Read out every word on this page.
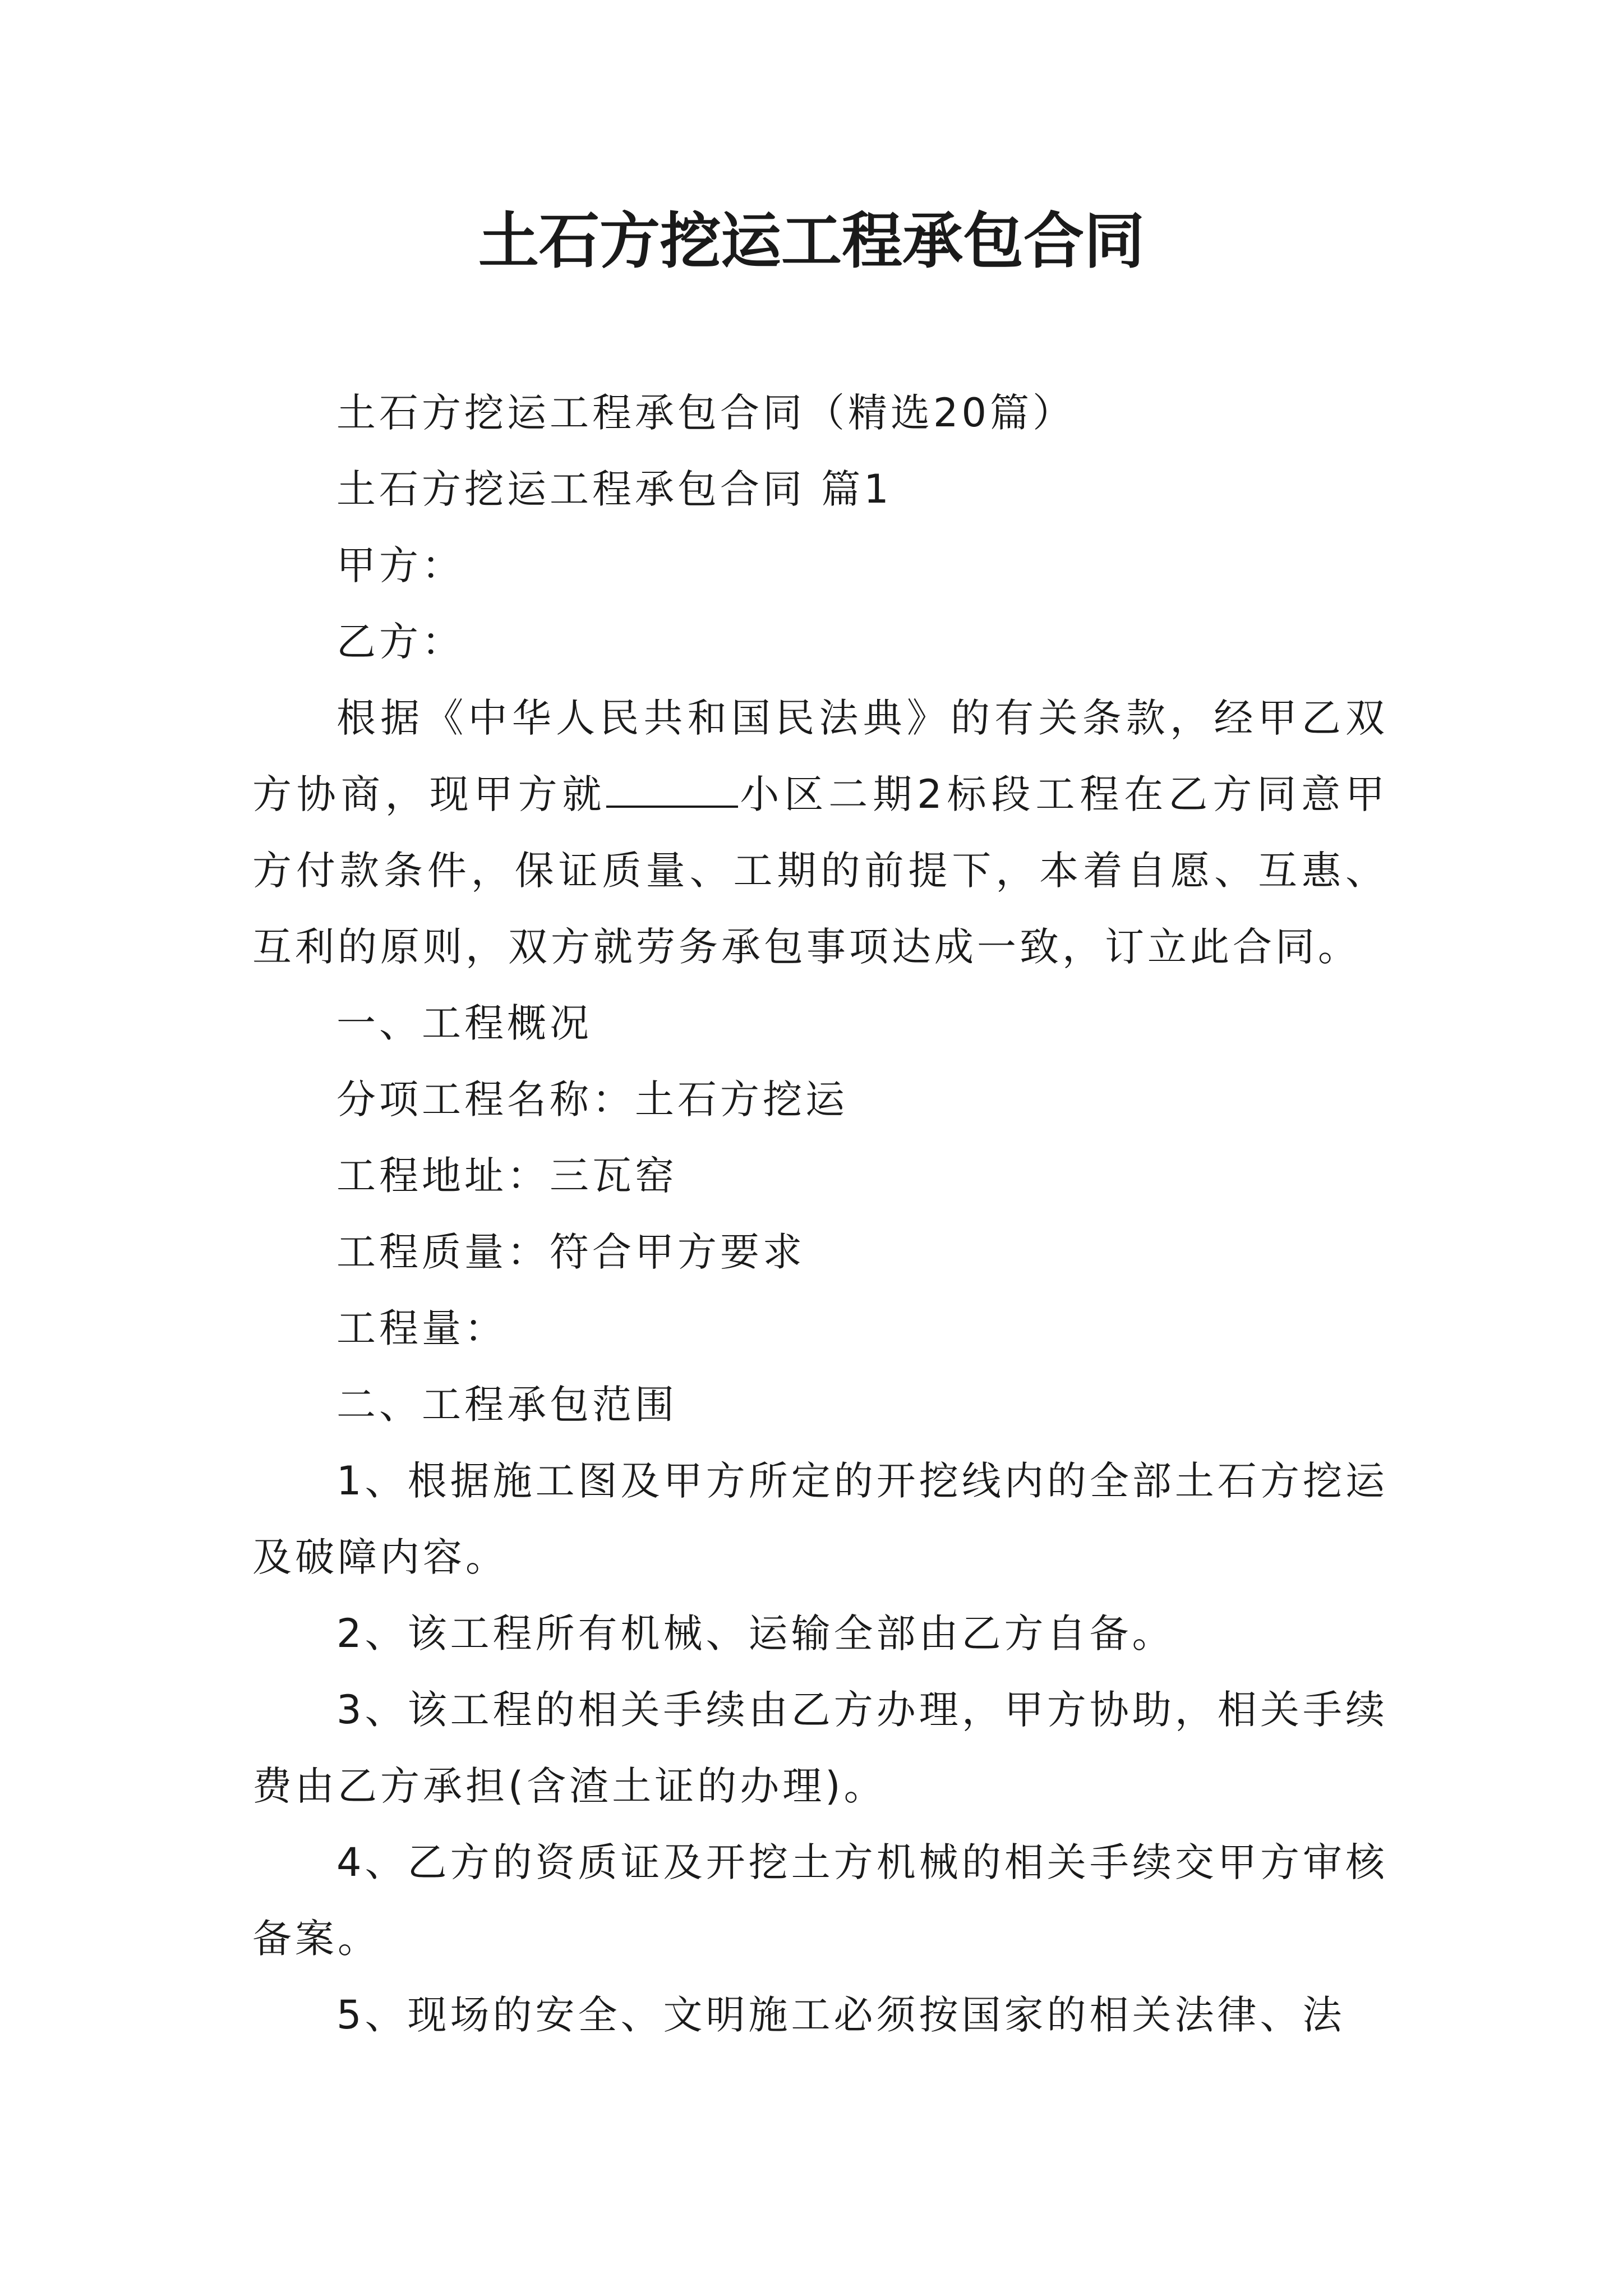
土石方挖运工程承包合同

土石方挖运工程承包合同（精选20篇）

土石方挖运工程承包合同 篇1

甲方：

乙方：

根据《中华人民共和国民法典》的有关条款，经甲乙双方协商，现甲方就	小区二期2标段工程在乙方同意甲方付款条件，保证质量、工期的前提下，本着自愿、互惠、互利的原则，双方就劳务承包事项达成一致，订立此合同。

一、工程概况

分项工程名称：土石方挖运

工程地址：三瓦窑

工程质量：符合甲方要求

工程量：

二、工程承包范围

1、根据施工图及甲方所定的开挖线内的全部土石方挖运及破障内容。

2、该工程所有机械、运输全部由乙方自备。

3、该工程的相关手续由乙方办理，甲方协助，相关手续费由乙方承担(含渣土证的办理)。

4、乙方的资质证及开挖土方机械的相关手续交甲方审核备案。

5、现场的安全、文明施工必须按国家的相关法律、法
